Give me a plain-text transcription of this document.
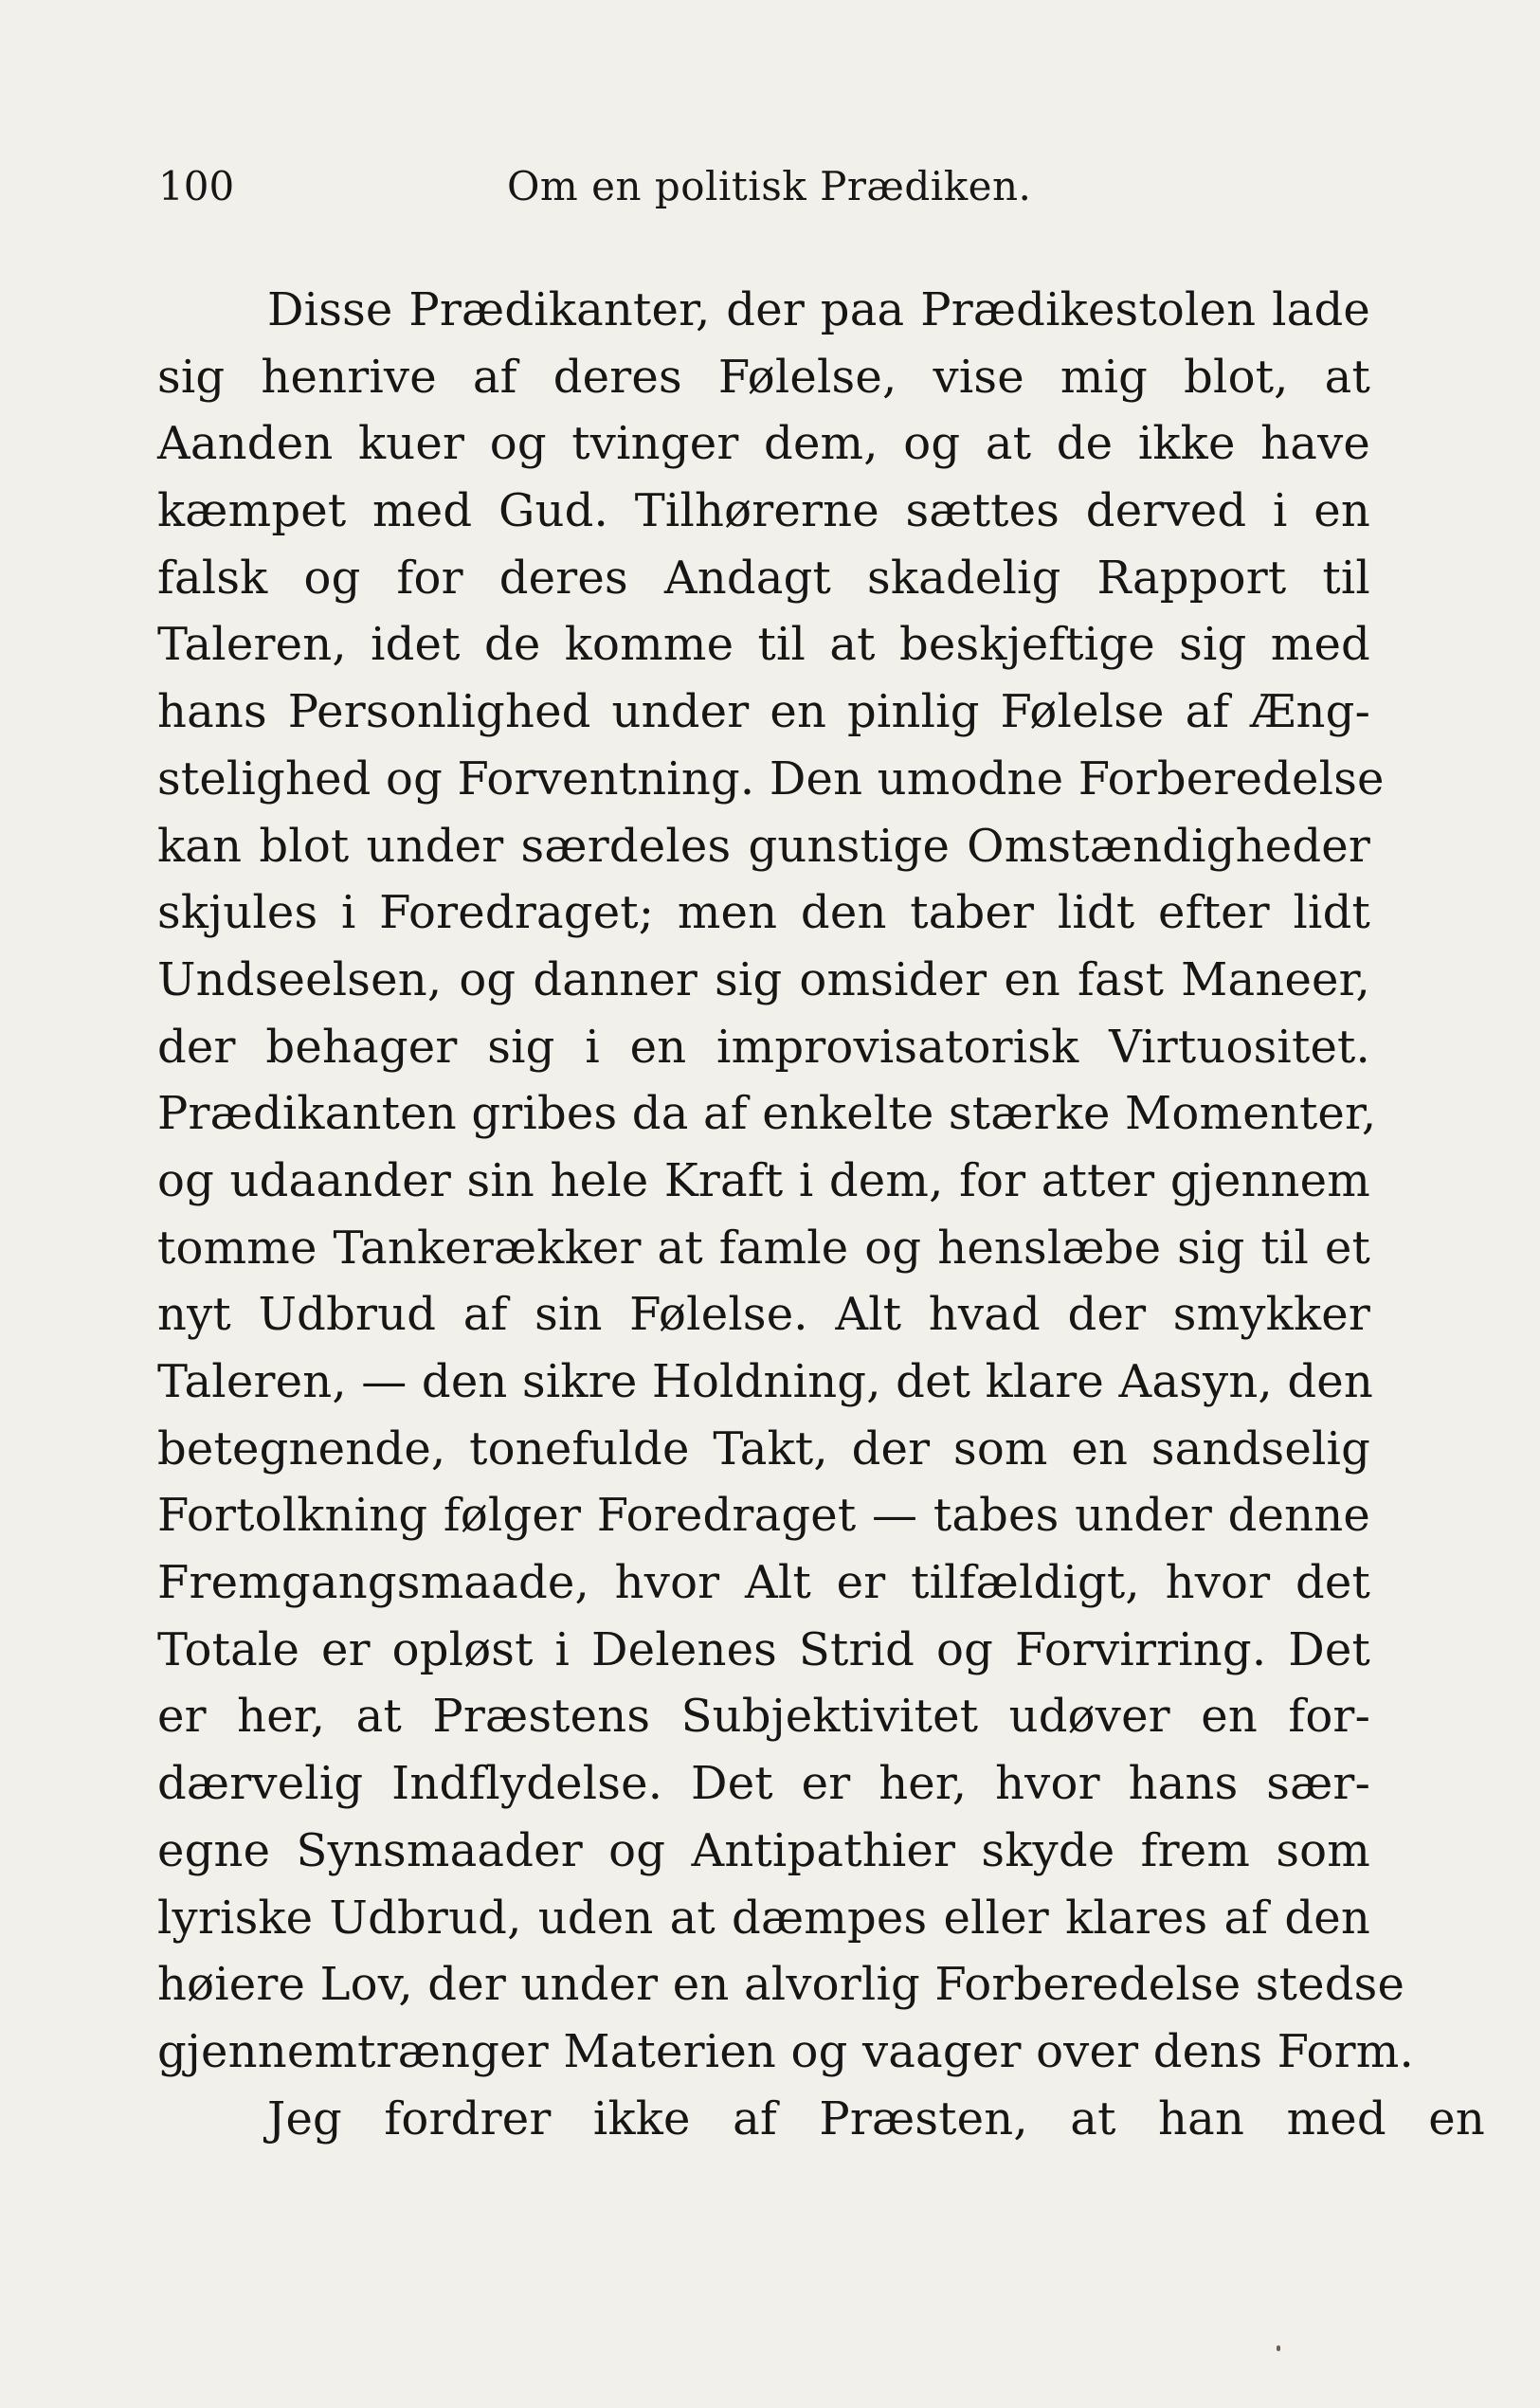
100	Om en politisk Prædiken.
Disse Prædikanter, der paa Prædikestolen lade
sig henrive af deres Følelse, vise mig blot, at
Aanden kuer og tvinger dem, og at de ikke have
kæmpet med Gud. Tilhørerne sættes derved i en
falsk og for deres Andagt skadelig Rapport til
Taleren, idet de komme til at beskjeftige sig med
hans Personlighed under en pinlig Følelse af Æng-
stelighed og Forventning. Den umodne Forberedelse
kan blot under særdeles gunstige Omstændigheder
skjules i Foredraget; men den taber lidt efter lidt
Undseelsen, og danner sig omsider en fast Maneer,
der behager sig i en improvisatorisk Virtuositet.
Prædikanten gribes da af enkelte stærke Momenter,
og udaander sin hele Kraft i dem, for atter gjennem
tomme Tankerækker at famle og henslæbe sig til et
nyt Udbrud af sin Følelse. Alt hvad der smykker
Taleren, — den sikre Holdning, det klare Aasyn, den
betegnende, tonefulde Takt, der som en sandselig
Fortolkning følger Foredraget — tabes under denne
Fremgangsmaade, hvor Alt er tilfældigt, hvor det
Totale er opløst i Delenes Strid og Forvirring. Det
er her, at Præstens Subjektivitet udøver en for-
dærvelig Indflydelse. Det er her, hvor hans sær-
egne Synsmaader og Antipathier skyde frem som
lyriske Udbrud, uden at dæmpes eller klares af den
høiere Lov, der under en alvorlig Forberedelse stedse
gjennemtrænger Materien og vaager over dens Form.
Jeg fordrer ikke af Præsten, at han med en
